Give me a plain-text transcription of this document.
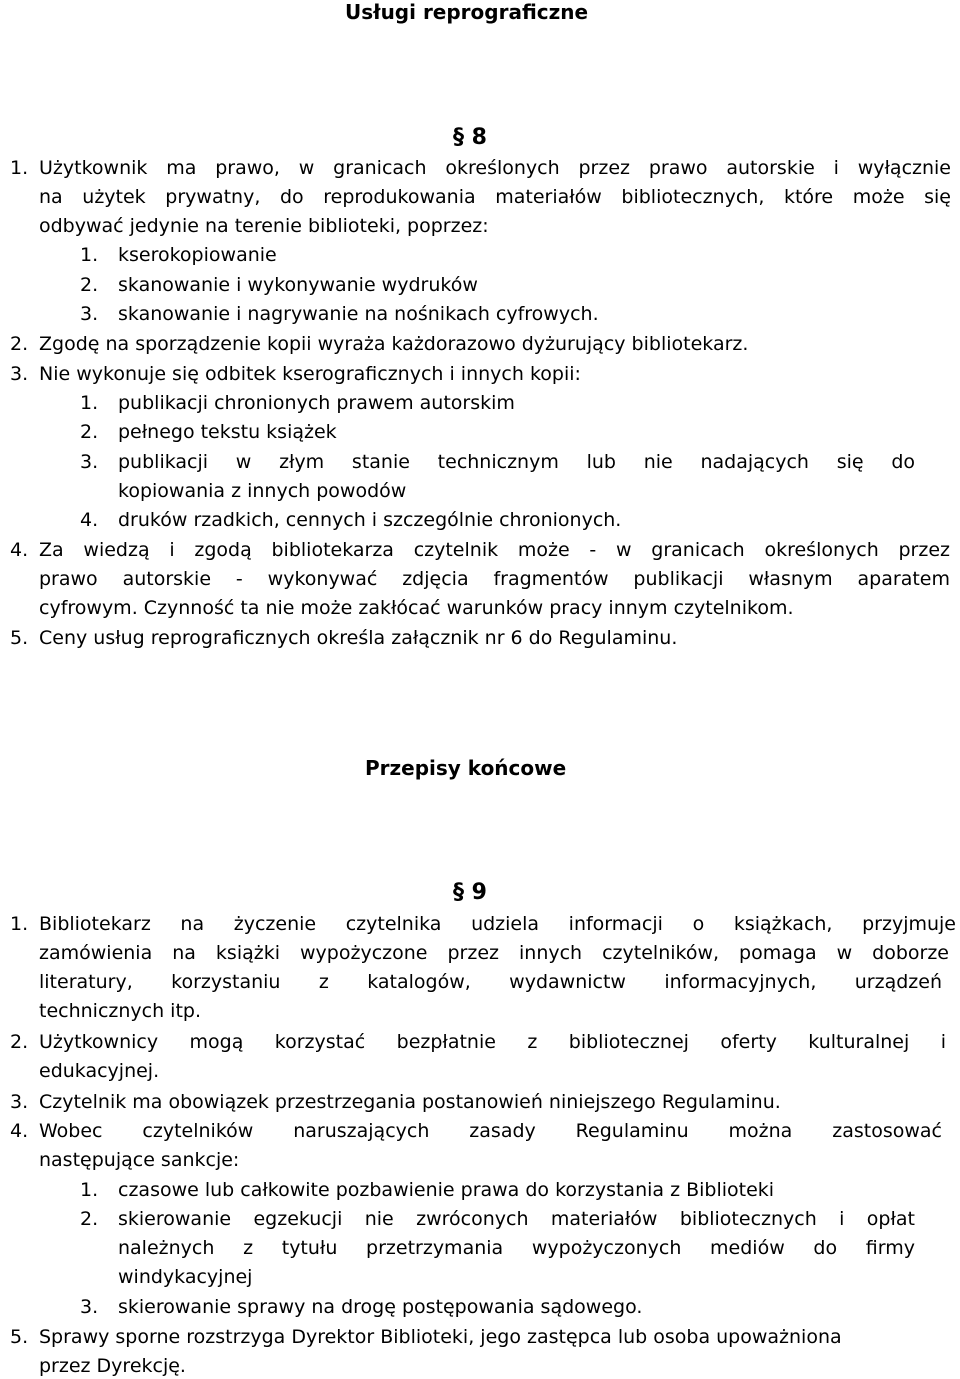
Usługi reprograficzne
§ 8
1. Użytkownik ma prawo, w granicach określonych przez prawo autorskie i wyłącznie
na użytek prywatny, do reprodukowania materiałów bibliotecznych, które może się
odbywać jedynie na terenie biblioteki, poprzez:
1. kserokopiowanie
2. skanowanie i wykonywanie wydruków
3. skanowanie i nagrywanie na nośnikach cyfrowych.
2. Zgodę na sporządzenie kopii wyraża każdorazowo dyżurujący bibliotekarz.
3. Nie wykonuje się odbitek kserograficznych i innych kopii:
1. publikacji chronionych prawem autorskim
2. pełnego tekstu książek
3. publikacji w złym stanie technicznym lub nie nadających się do
kopiowania z innych powodów
4. druków rzadkich, cennych i szczególnie chronionych.
4. Za wiedzą i zgodą bibliotekarza czytelnik może - w granicach określonych przez
prawo autorskie - wykonywać zdjęcia fragmentów publikacji własnym aparatem
cyfrowym. Czynność ta nie może zakłócać warunków pracy innym czytelnikom.
5. Ceny usług reprograficznych określa załącznik nr 6 do Regulaminu.
Przepisy końcowe
§ 9
1. Bibliotekarz na życzenie czytelnika udziela informacji o książkach, przyjmuje
zamówienia na książki wypożyczone przez innych czytelników, pomaga w doborze
literatury, korzystaniu z katalogów, wydawnictw informacyjnych, urządzeń
technicznych itp.
2. Użytkownicy mogą korzystać bezpłatnie z bibliotecznej oferty kulturalnej i
edukacyjnej.
3. Czytelnik ma obowiązek przestrzegania postanowień niniejszego Regulaminu.
4. Wobec czytelników naruszających zasady Regulaminu można zastosować
następujące sankcje:
1. czasowe lub całkowite pozbawienie prawa do korzystania z Biblioteki
2. skierowanie egzekucji nie zwróconych materiałów bibliotecznych i opłat
należnych z tytułu przetrzymania wypożyczonych mediów do firmy
windykacyjnej
3. skierowanie sprawy na drogę postępowania sądowego.
5. Sprawy sporne rozstrzyga Dyrektor Biblioteki, jego zastępca lub osoba upoważniona
przez Dyrekcję.
